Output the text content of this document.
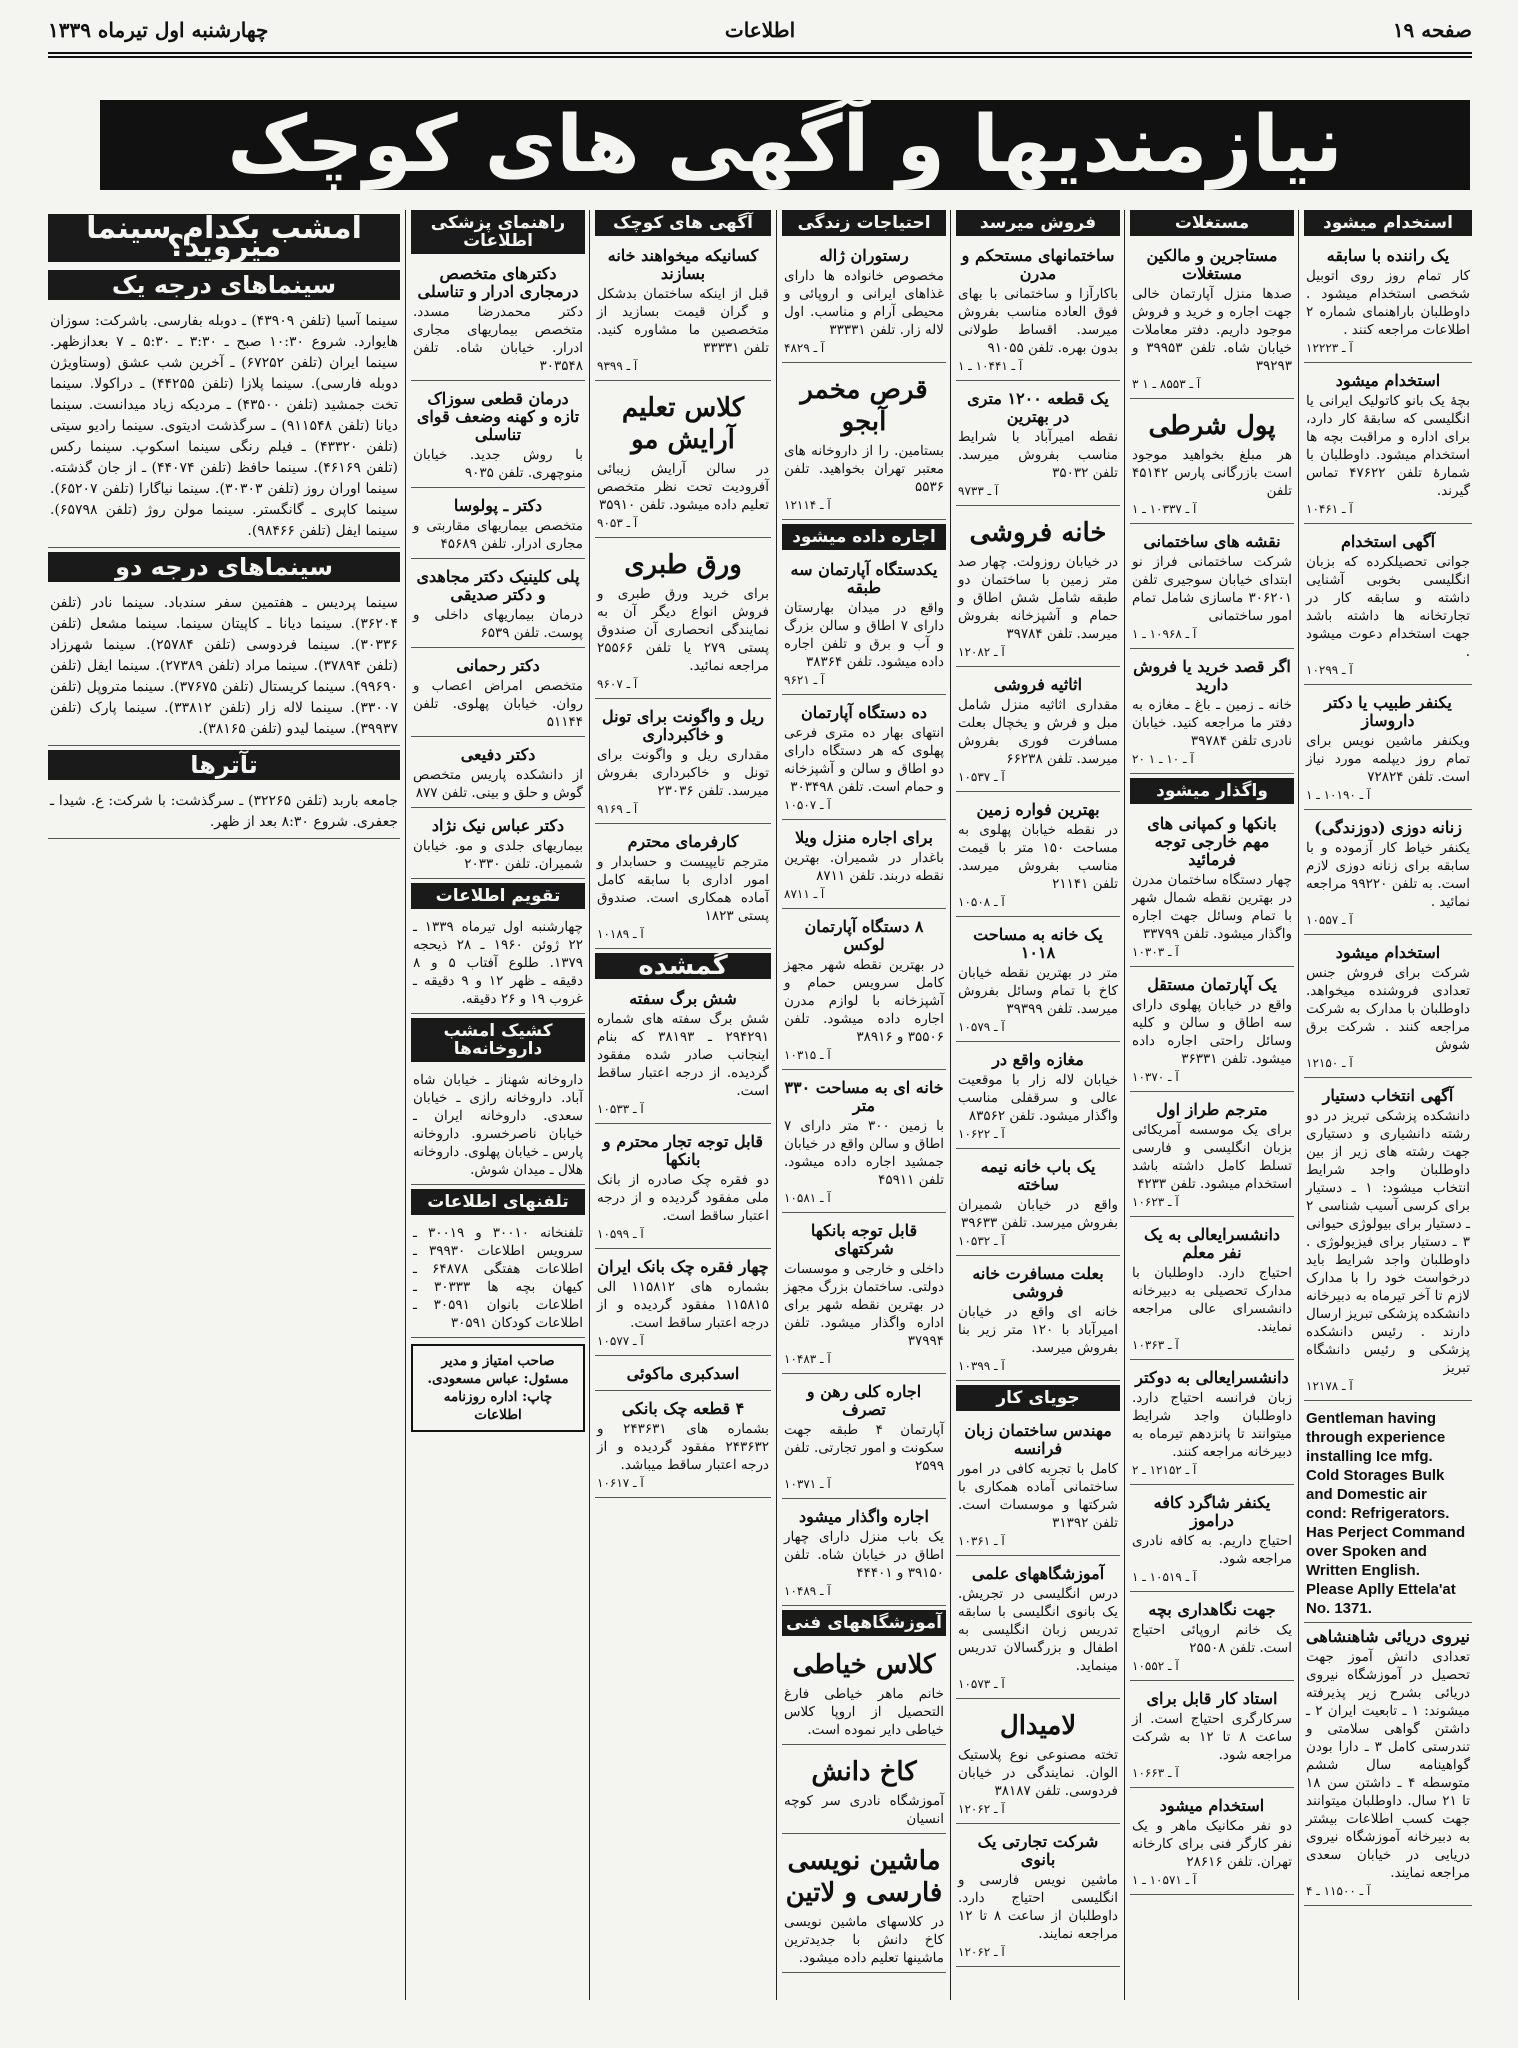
صفحه ۱۹
اطلاعات
چهارشنبه اول تیرماه ۱۳۳۹
نیازمندیها و آگهی های کوچک
استخدام میشود
یک راننده با سابقه
کار تمام روز روی اتوبیل شخصی استخدام میشود . داوطلبان باراهنمای شماره ۲ اطلاعات مراجعه کنند .
آ ـ ۱۲۲۲۳
استخدام میشود
بچهٔ یک بانو کاتولیک ایرانی یا انگلیسی که سابقهٔ کار دارد، برای اداره و مراقبت بچه ها استخدام میشود. داوطلبان با شمارهٔ تلفن ۴۷۶۲۲ تماس گیرند.
آ ـ ۱۰۴۶۱
آگهی استخدام
جوانی تحصیلکرده که بزبان انگلیسی بخوبی آشنایی داشته و سابقه کار در تجارتخانه ها داشته باشد جهت استخدام دعوت میشود .
آ ـ ۱۰۲۹۹
یکنفر طبیب یا دکتر داروساز
ویکنفر ماشین نویس برای تمام روز دیپلمه مورد نیاز است. تلفن ۷۲۸۲۴
آ ـ ۱۰۱۹۰ ـ ۱
زنانه دوزی (دوزندگی)
یکنفر خیاط کار آزموده و با سابقه برای زنانه دوزی لازم است. به تلفن ۹۹۲۲۰ مراجعه نمائید .
آ ـ ۱۰۵۵۷
استخدام میشود
شرکت برای فروش جنس تعدادی فروشنده میخواهد. داوطلبان با مدارک به شرکت مراجعه کنند . شرکت برق شوش
آ ـ ۱۲۱۵۰
آگهی انتخاب دستیار
دانشکده پزشکی تبریز در دو رشته دانشیاری و دستیاری جهت رشته های زیر از بین داوطلبان واجد شرایط انتخاب میشود: ۱ ـ دستیار برای کرسی آسیب شناسی ۲ ـ دستیار برای بیولوژی حیوانی ۳ ـ دستیار برای فیزیولوژی . داوطلبان واجد شرایط باید درخواست خود را با مدارک لازم تا آخر تیرماه به دبیرخانه دانشکده پزشکی تبریز ارسال دارند . رئیس دانشکده پزشکی و رئیس دانشگاه تبریز
آ ـ ۱۲۱۷۸
Gentleman having through experience installing Ice mfg. Cold Storages Bulk and Domestic air cond: Refrigerators. Has Perject Command over Spoken and Written English. Please Aplly Ettela'at No. 1371.
نیروی دریائی شاهنشاهی
تعدادی دانش آموز جهت تحصیل در آموزشگاه نیروی دریائی بشرح زیر پذیرفته میشوند: ۱ ـ تابعیت ایران ۲ ـ داشتن گواهی سلامتی و تندرستی کامل ۳ ـ دارا بودن گواهینامه سال ششم متوسطه ۴ ـ داشتن سن ۱۸ تا ۲۱ سال. داوطلبان میتوانند جهت کسب اطلاعات بیشتر به دبیرخانه آموزشگاه نیروی دریایی در خیابان سعدی مراجعه نمایند.
آ ـ ۱۱۵۰۰ ـ ۴
مستغلات
مستاجرین و مالکین مستغلات
صدها منزل آپارتمان خالی جهت اجاره و خرید و فروش موجود داریم. دفتر معاملات خیابان شاه. تلفن ۳۹۹۵۳ و ۳۹۲۹۳
آ ـ ۸۵۵۳ ـ ۱ ۳
پول شرطی
هر مبلغ بخواهید موجود است بازرگانی پارس ۴۵۱۴۲ تلفن
آ ـ ۱۰۳۳۷ ـ ۱
نقشه های ساختمانی
شرکت ساختمانی فراز نو ابتدای خیابان سوجیری تلفن ۳۰۶۲۰۱ ماسازی شامل تمام امور ساختمانی
آ ـ ۱۰۹۶۸ ـ ۱
اگر قصد خرید یا فروش دارید
خانه ـ زمین ـ باغ ـ مغازه به دفتر ما مراجعه کنید. خیابان نادری تلفن ۳۹۷۸۴
آ ـ ۱۰ ـ ۱ ۲۰
واگذار میشود
بانکها و کمپانی های مهم خارجی توجه فرمائید
چهار دستگاه ساختمان مدرن در بهترین نقطه شمال شهر با تمام وسائل جهت اجاره واگذار میشود. تلفن ۳۳۷۹۹
آ ـ ۱۰۳۰۳
یک آپارتمان مستقل
واقع در خیابان پهلوی دارای سه اطاق و سالن و کلیه وسائل راحتی اجاره داده میشود. تلفن ۳۶۳۳۱
آ ـ ۱۰۳۷۰
مترجم طراز اول
برای یک موسسه آمریکائی بزبان انگلیسی و فارسی تسلط کامل داشته باشد استخدام میشود. تلفن ۴۲۳۳
آ ـ ۱۰۶۲۳
دانشسرایعالی به یک نفر معلم
احتیاج دارد. داوطلبان با مدارک تحصیلی به دبیرخانه دانشسرای عالی مراجعه نمایند.
آ ـ ۱۰۳۶۳
دانشسرایعالی به دوکتر
زبان فرانسه احتیاج دارد. داوطلبان واجد شرایط میتوانند تا پانزدهم تیرماه به دبیرخانه مراجعه کنند.
آ ـ ۱۲۱۵۲ ـ ۲
یکنفر شاگرد کافه دراموز
احتیاج داریم. به کافه نادری مراجعه شود.
آ ـ ۱۰۵۱۹ ـ ۱
جهت نگاهداری بچه
یک خانم اروپائی احتیاج است. تلفن ۲۵۵۰۸
آ ـ ۱۰۵۵۲
استاد کار قابل برای
سرکارگری احتیاج است. از ساعت ۸ تا ۱۲ به شرکت مراجعه شود.
آ ـ ۱۰۶۶۳
استخدام میشود
دو نفر مکانیک ماهر و یک نفر کارگر فنی برای کارخانه تهران. تلفن ۲۸۶۱۶
آ ـ ۱۰۵۷۱ ـ ۱
فروش میرسد
ساختمانهای مستحکم و مدرن
باکارآزا و ساختمانی با بهای فوق العاده مناسب بفروش میرسد. اقساط طولانی بدون بهره. تلفن ۹۱۰۵۵
آ ـ ۱۰۴۴۱ ـ ۱
یک قطعه ۱۲۰۰ متری در بهترین
نقطه امیرآباد با شرایط مناسب بفروش میرسد. تلفن ۳۵۰۳۲
آ ـ ۹۷۳۳
خانه فروشی
در خیابان روزولت. چهار صد متر زمین با ساختمان دو طبقه شامل شش اطاق و حمام و آشپزخانه بفروش میرسد. تلفن ۳۹۷۸۴
آ ـ ۱۲۰۸۲
اثاثیه فروشی
مقداری اثاثیه منزل شامل مبل و فرش و یخچال بعلت مسافرت فوری بفروش میرسد. تلفن ۶۶۲۳۸
آ ـ ۱۰۵۳۷
بهترین فواره زمین
در نقطه خیابان پهلوی به مساحت ۱۵۰ متر با قیمت مناسب بفروش میرسد. تلفن ۲۱۱۴۱
آ ـ ۱۰۵۰۸
یک خانه به مساحت ۱۰۱۸
متر در بهترین نقطه خیابان کاخ با تمام وسائل بفروش میرسد. تلفن ۳۹۳۹۹
آ ـ ۱۰۵۷۹
مغازه واقع در
خیابان لاله زار با موقعیت عالی و سرقفلی مناسب واگذار میشود. تلفن ۸۳۵۶۲
آ ـ ۱۰۶۲۲
یک باب خانه نیمه ساخته
واقع در خیابان شمیران بفروش میرسد. تلفن ۳۹۶۳۳
آ ـ ۱۰۵۳۲
بعلت مسافرت خانه فروشی
خانه ای واقع در خیابان امیرآباد با ۱۲۰ متر زیر بنا بفروش میرسد.
آ ـ ۱۰۳۹۹
جویای کار
مهندس ساختمان زبان فرانسه
کامل با تجربه کافی در امور ساختمانی آماده همکاری با شرکتها و موسسات است. تلفن ۳۱۳۹۲
آ ـ ۱۰۳۶۱
آموزشگاههای علمی
درس انگلیسی در تجریش. یک بانوی انگلیسی با سابقه تدریس زبان انگلیسی به اطفال و بزرگسالان تدریس مینماید.
آ ـ ۱۰۵۷۳
لامیدال
تخته مصنوعی نوع پلاستیک الوان. نمایندگی در خیابان فردوسی. تلفن ۳۸۱۸۷
آ ـ ۱۲۰۶۲
شرکت تجارتی یک بانوی
ماشین نویس فارسی و انگلیسی احتیاج دارد. داوطلبان از ساعت ۸ تا ۱۲ مراجعه نمایند.
آ ـ ۱۲۰۶۲
احتیاجات زندگی
رستوران ژاله
مخصوص خانواده ها دارای غذاهای ایرانی و اروپائی و محیطی آرام و مناسب. اول لاله زار. تلفن ۳۳۳۳۱
آ ـ ۴۸۲۹
قرص مخمر آبجو
بستامین. را از داروخانه های معتبر تهران بخواهید. تلفن ۵۵۳۶
آ ـ ۱۲۱۱۴
اجاره داده میشود
یکدستگاه آپارتمان سه طبقه
واقع در میدان بهارستان دارای ۷ اطاق و سالن بزرگ و آب و برق و تلفن اجاره داده میشود. تلفن ۳۸۳۶۴
آ ـ ۹۶۲۱
ده دستگاه آپارتمان
انتهای بهار ده متری فرعی پهلوی که هر دستگاه دارای دو اطاق و سالن و آشپزخانه و حمام است. تلفن ۳۰۳۴۹۸
آ ـ ۱۰۵۰۷
برای اجاره منزل ویلا
باغدار در شمیران. بهترین نقطه دربند. تلفن ۸۷۱۱
آ ـ ۸۷۱۱
۸ دستگاه آپارتمان لوکس
در بهترین نقطه شهر مجهز کامل سرویس حمام و آشپزخانه با لوازم مدرن اجاره داده میشود. تلفن ۳۵۵۰۶ و ۳۸۹۱۶
آ ـ ۱۰۳۱۵
خانه ای به مساحت ۳۳۰ متر
با زمین ۳۰۰ متر دارای ۷ اطاق و سالن واقع در خیابان جمشید اجاره داده میشود. تلفن ۴۵۹۱۱
آ ـ ۱۰۵۸۱
قابل توجه بانکها شرکتهای
داخلی و خارجی و موسسات دولتی. ساختمان بزرگ مجهز در بهترین نقطه شهر برای اداره واگذار میشود. تلفن ۳۷۹۹۴
آ ـ ۱۰۴۸۳
اجاره کلی رهن و تصرف
آپارتمان ۴ طبقه جهت سکونت و امور تجارتی. تلفن ۲۵۹۹
آ ـ ۱۰۳۷۱
اجاره واگذار میشود
یک باب منزل دارای چهار اطاق در خیابان شاه. تلفن ۳۹۱۵۰ و ۴۴۴۰۱
آ ـ ۱۰۴۸۹
آموزشگاههای فنی
کلاس خیاطی
خانم ماهر خیاطی فارغ التحصیل از اروپا کلاس خیاطی دایر نموده است.
کاخ دانش
آموزشگاه نادری سر کوچه انسیان
ماشین نویسی فارسی و لاتین
در کلاسهای ماشین نویسی کاخ دانش با جدیدترین ماشینها تعلیم داده میشود.
آگهی های کوچک
کسانیکه میخواهند خانه بسازند
قبل از اینکه ساختمان بدشکل و گران قیمت بسازید از متخصصین ما مشاوره کنید. تلفن ۳۳۳۳۱
آ ـ ۹۳۹۹
کلاس تعلیم آرایش مو
در سالن آرایش زیبائی آفرودیت تحت نظر متخصص تعلیم داده میشود. تلفن ۳۵۹۱۰
آ ـ ۹۰۵۳
ورق طبری
برای خرید ورق طبری و فروش انواع دیگر آن به نمایندگی انحصاری آن صندوق پستی ۲۷۹ یا تلفن ۲۵۵۶۶ مراجعه نمائید.
آ ـ ۹۶۰۷
ریل و واگونت برای تونل و خاکبرداری
مقداری ریل و واگونت برای تونل و خاکبرداری بفروش میرسد. تلفن ۲۳۰۳۶
آ ـ ۹۱۶۹
کارفرمای محترم
مترجم تایپیست و حسابدار و امور اداری با سابقه کامل آماده همکاری است. صندوق پستی ۱۸۲۳
آ ـ ۱۰۱۸۹
گمشده
شش برگ سفته
شش برگ سفته های شماره ۲۹۴۲۹۱ ـ ۳۸۱۹۳ که بنام اینجانب صادر شده مفقود گردیده. از درجه اعتبار ساقط است.
آ ـ ۱۰۵۳۳
قابل توجه تجار محترم و بانکها
دو فقره چک صادره از بانک ملی مفقود گردیده و از درجه اعتبار ساقط است.
آ ـ ۱۰۵۹۹
چهار فقره چک بانک ایران
بشماره های ۱۱۵۸۱۲ الی ۱۱۵۸۱۵ مفقود گردیده و از درجه اعتبار ساقط است.
آ ـ ۱۰۵۷۷
اسدکبری ماکوئی
۴ قطعه چک بانکی
بشماره های ۲۴۳۶۳۱ و ۲۴۳۶۳۲ مفقود گردیده و از درجه اعتبار ساقط میباشد.
آ ـ ۱۰۶۱۷
راهنمای پزشکی اطلاعات
دکترهای متخصص درمجاری ادرار و تناسلی
دکتر محمدرضا مسدد. متخصص بیماریهای مجاری ادرار. خیابان شاه. تلفن ۳۰۳۵۴۸
درمان قطعی سوزاک تازه و کهنه وضعف قوای تناسلی
با روش جدید. خیابان منوچهری. تلفن ۹۰۳۵
دکتر ـ پولوسا
متخصص بیماریهای مقاربتی و مجاری ادرار. تلفن ۴۵۶۸۹
پلی کلینیک دکتر مجاهدی و دکتر صدیقی
درمان بیماریهای داخلی و پوست. تلفن ۶۵۳۹
دکتر رحمانی
متخصص امراض اعصاب و روان. خیابان پهلوی. تلفن ۵۱۱۴۴
دکتر دفیعی
از دانشکده پاریس متخصص گوش و حلق و بینی. تلفن ۸۷۷
دکتر عباس نیک نژاد
بیماریهای جلدی و مو. خیابان شمیران. تلفن ۲۰۳۳۰
تقویم اطلاعات
چهارشنبه اول تیرماه ۱۳۳۹ ـ ۲۲ ژوئن ۱۹۶۰ ـ ۲۸ ذیحجه ۱۳۷۹. طلوع آفتاب ۵ و ۸ دقیقه ـ ظهر ۱۲ و ۹ دقیقه ـ غروب ۱۹ و ۲۶ دقیقه.
کشیک امشب داروخانه‌ها
داروخانه شهناز ـ خیابان شاه آباد. داروخانه رازی ـ خیابان سعدی. داروخانه ایران ـ خیابان ناصرخسرو. داروخانه پارس ـ خیابان پهلوی. داروخانه هلال ـ میدان شوش.
تلفنهای اطلاعات
تلفنخانه ۳۰۰۱۰ و ۳۰۰۱۹ ـ سرویس اطلاعات ۳۹۹۳۰ ـ اطلاعات هفتگی ۶۴۸۷۸ ـ کیهان بچه ها ۳۰۳۳۳ ـ اطلاعات بانوان ۳۰۵۹۱ ـ اطلاعات کودکان ۳۰۵۹۱
صاحب امتیاز و مدیر مسئول: عباس مسعودی. چاپ: اداره روزنامه اطلاعات
امشب بکدام سینما میروید؟
سینماهای درجه یک
سینما آسیا (تلفن ۴۳۹۰۹) ـ دوبله بفارسی. باشرکت: سوزان هایوارد. شروع ۱۰:۳۰ صبح ـ ۳:۳۰ ـ ۵:۳۰ ـ ۷ بعدازظهر. سینما ایران (تلفن ۶۷۲۵۲) ـ آخرین شب عشق (وستاویژن دوبله فارسی). سینما پلازا (تلفن ۴۴۲۵۵) ـ دراکولا. سینما تخت جمشید (تلفن ۴۳۵۰۰) ـ مردیکه زیاد میدانست. سینما دیانا (تلفن ۹۱۱۵۴۸) ـ سرگذشت ادیتوی. سینما رادیو سیتی (تلفن ۴۳۳۲۰) ـ فیلم رنگی سینما اسکوپ. سینما رکس (تلفن ۴۶۱۶۹). سینما حافظ (تلفن ۴۴۰۷۴) ـ از جان گذشته. سینما اوران روز (تلفن ۳۰۳۰۳). سینما نیاگارا (تلفن ۶۵۲۰۷). سینما کاپری ـ گانگستر. سینما مولن روژ (تلفن ۶۵۷۹۸). سینما ایفل (تلفن ۹۸۴۶۶).
سینماهای درجه دو
سینما پردیس ـ هفتمین سفر سندباد. سینما نادر (تلفن ۳۶۲۰۴). سینما دیانا ـ کاپیتان سینما. سینما مشعل (تلفن ۳۰۳۳۶). سینما فردوسی (تلفن ۲۵۷۸۴). سینما شهرزاد (تلفن ۳۷۸۹۴). سینما مراد (تلفن ۲۷۳۸۹). سینما ایفل (تلفن ۹۹۶۹۰). سینما کریستال (تلفن ۳۷۶۷۵). سینما متروپل (تلفن ۳۳۰۰۷). سینما لاله زار (تلفن ۳۳۸۱۲). سینما پارک (تلفن ۳۹۹۳۷). سینما لیدو (تلفن ۳۸۱۶۵).
تآترها
جامعه باربد (تلفن ۳۲۲۶۵) ـ سرگذشت: با شرکت: ع. شیدا ـ جعفری. شروع ۸:۳۰ بعد از ظهر.
